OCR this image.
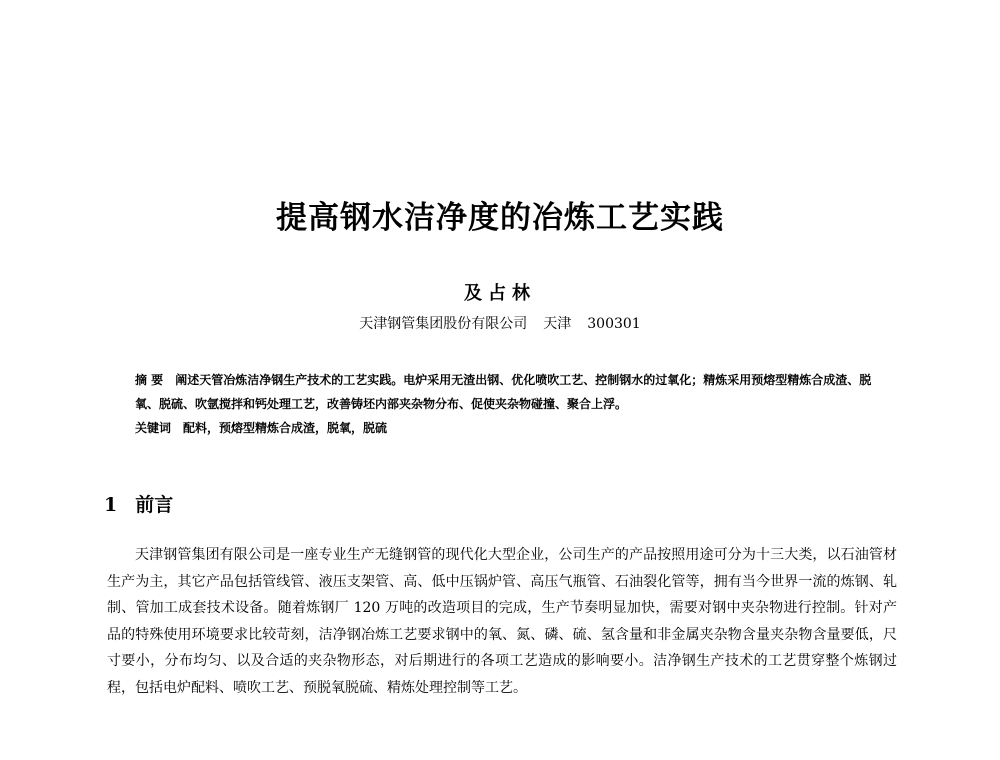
提高钢水洁净度的冶炼工艺实践
及占林
天津钢管集团股份有限公司 天津 300301

摘 要 阐述天管冶炼洁净钢生产技术的工艺实践。电炉采用无渣出钢、优化喷吹工艺、控制钢水的过氧化；精炼采用预熔型精炼合成渣、脱氧、脱硫、吹氩搅拌和钙处理工艺，改善铸坯内部夹杂物分布、促使夹杂物碰撞、聚合上浮。

关键词 配料，预熔型精炼合成渣，脱氧，脱硫

1 前言

天津钢管集团有限公司是一座专业生产无缝钢管的现代化大型企业，公司生产的产品按照用途可分为十三大类，以石油管材生产为主，其它产品包括管线管、液压支架管、高、低中压锅炉管、高压气瓶管、石油裂化管等，拥有当今世界一流的炼钢、轧制、管加工成套技术设备。随着炼钢厂 120 万吨的改造项目的完成，生产节奏明显加快，需要对钢中夹杂物进行控制。针对产品的特殊使用环境要求比较苛刻，洁净钢冶炼工艺要求钢中的氧、氮、磷、硫、氢含量和非金属夹杂物含量夹杂物含量要低，尺寸要小，分布均匀、以及合适的夹杂物形态，对后期进行的各项工艺造成的影响要小。洁净钢生产技术的工艺贯穿整个炼钢过程，包括电炉配料、喷吹工艺、预脱氧脱硫、精炼处理控制等工艺。
